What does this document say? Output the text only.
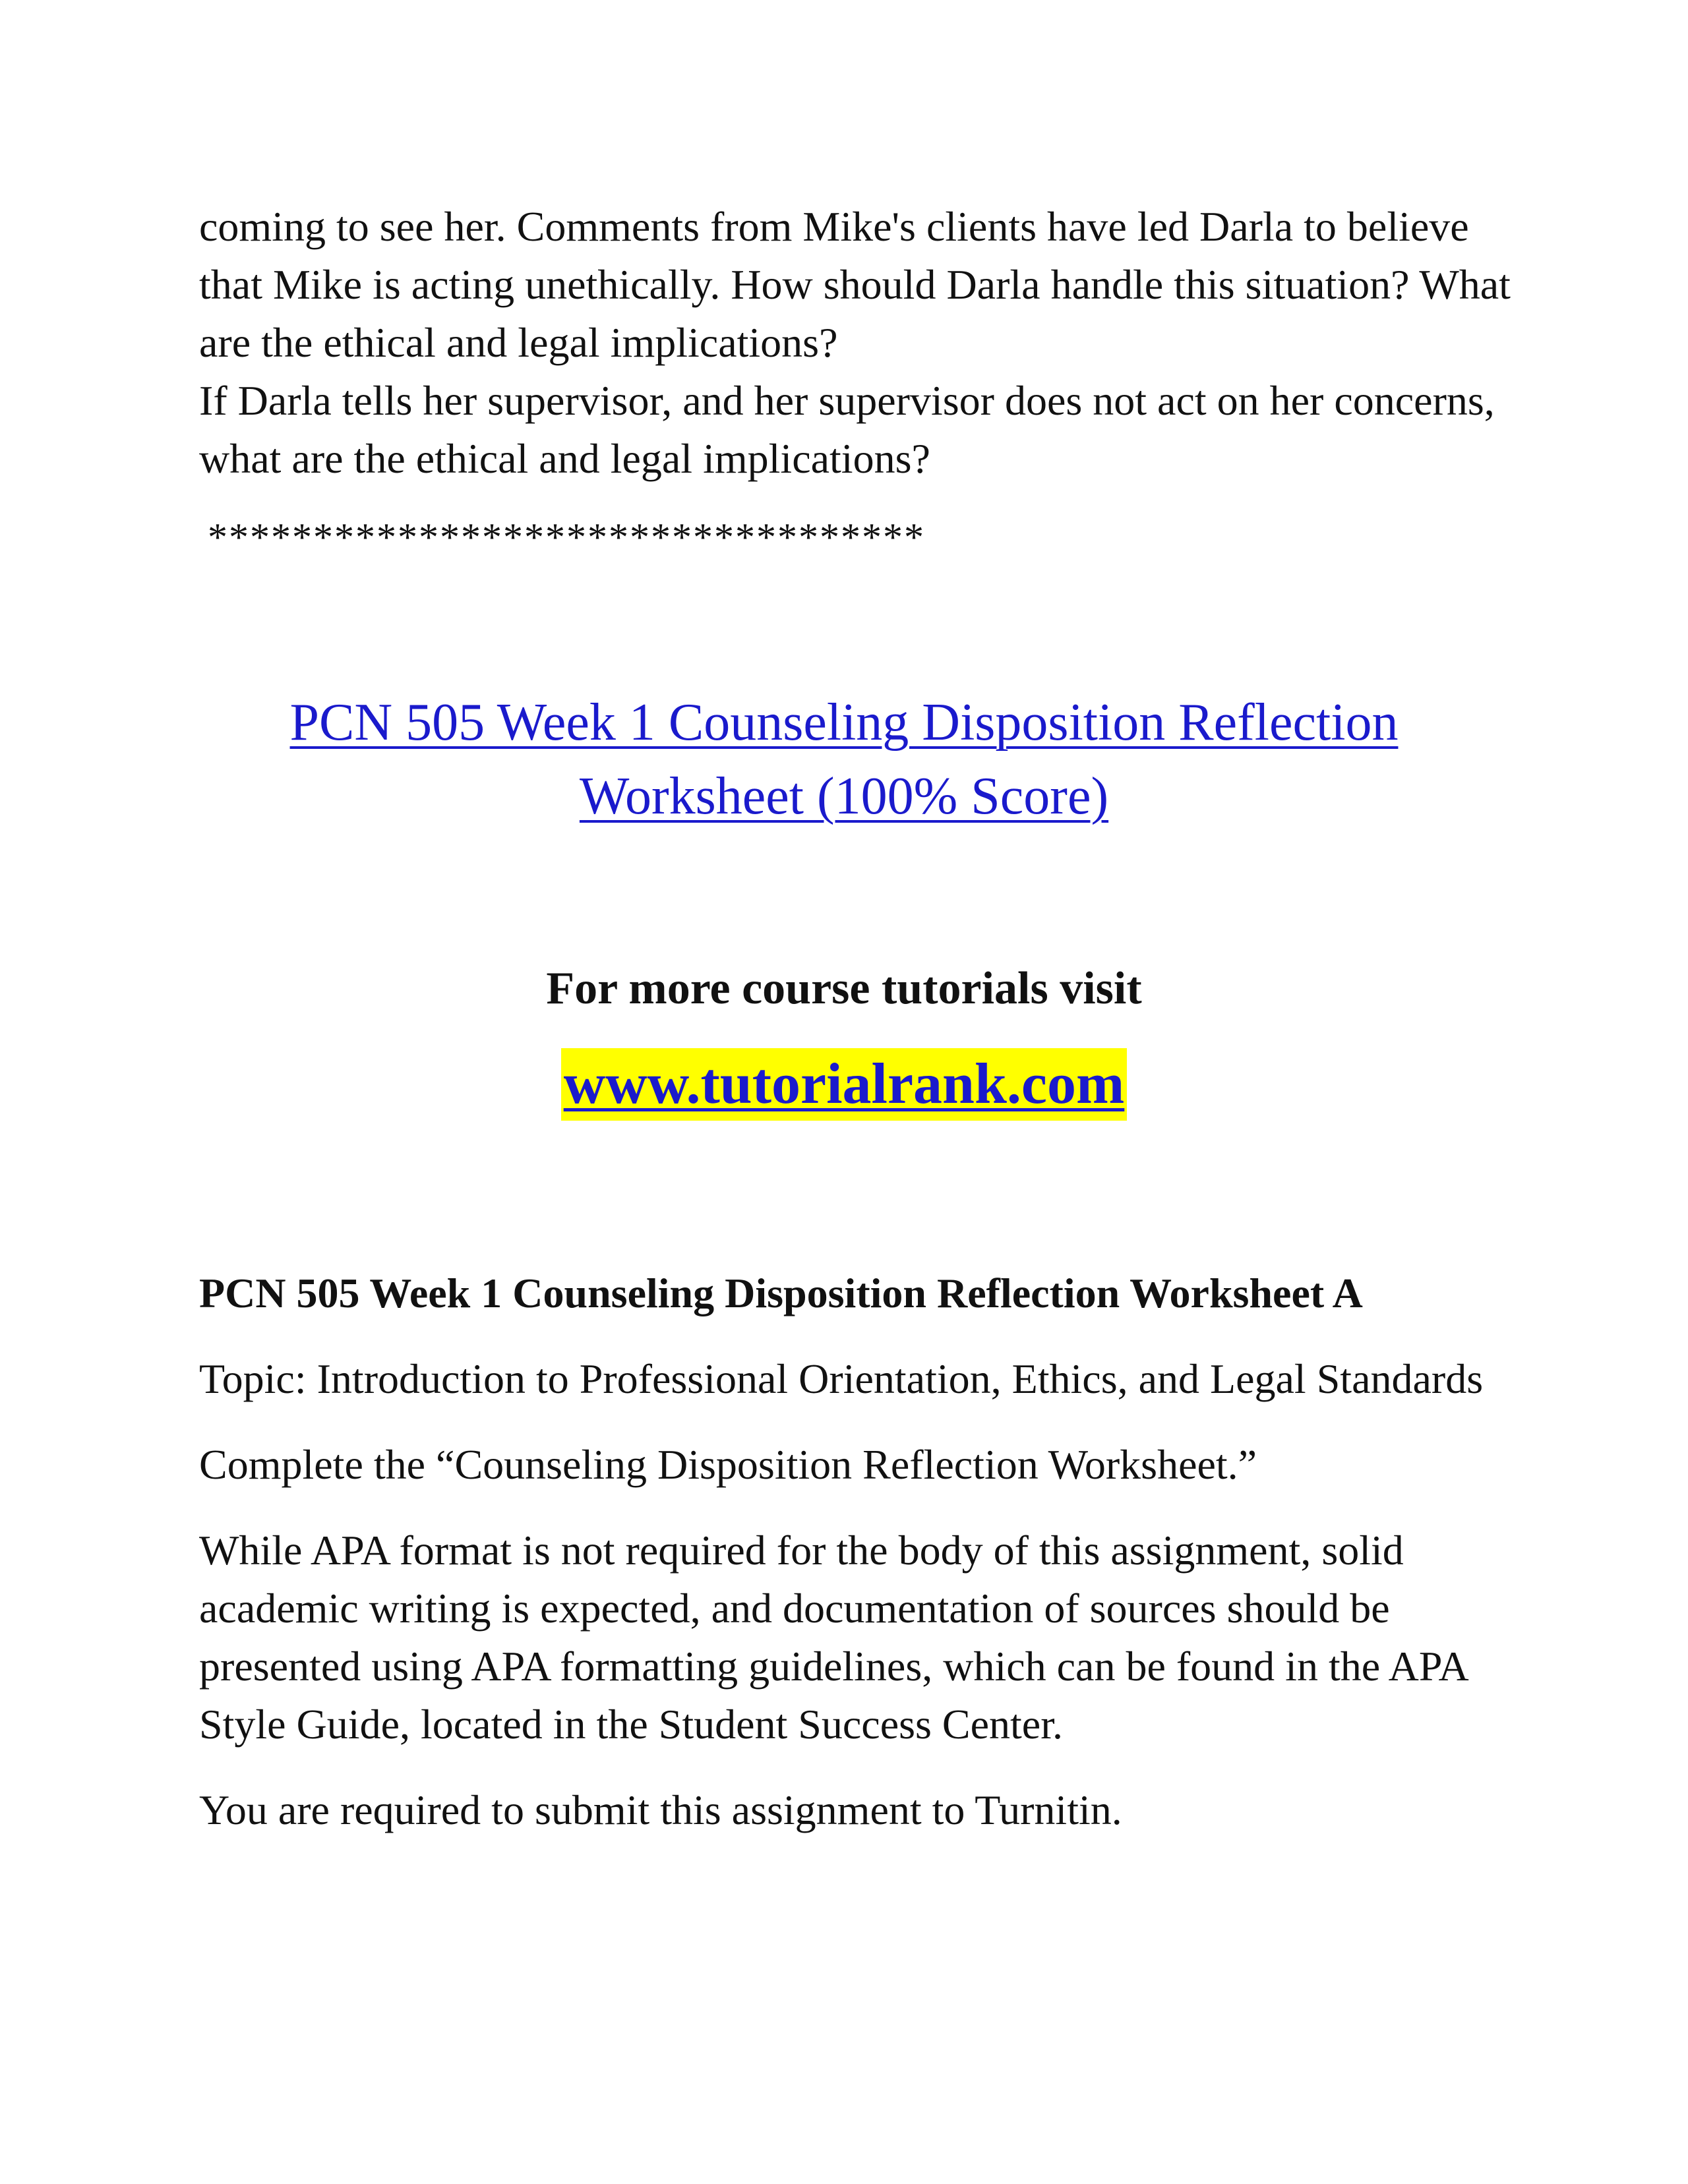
coming to see her. Comments from Mike's clients have led Darla to believe that Mike is acting unethically. How should Darla handle this situation? What are the ethical and legal implications?

If Darla tells her supervisor, and her supervisor does not act on her concerns, what are the ethical and legal implications?

**********************************
PCN 505 Week 1 Counseling Disposition Reflection
Worksheet (100% Score)
For more course tutorials visit
www.tutorialrank.com

PCN 505 Week 1 Counseling Disposition Reflection Worksheet A

Topic: Introduction to Professional Orientation, Ethics, and Legal Standards

Complete the “Counseling Disposition Reflection Worksheet.”

While APA format is not required for the body of this assignment, solid academic writing is expected, and documentation of sources should be presented using APA formatting guidelines, which can be found in the APA Style Guide, located in the Student Success Center.

You are required to submit this assignment to Turnitin.
